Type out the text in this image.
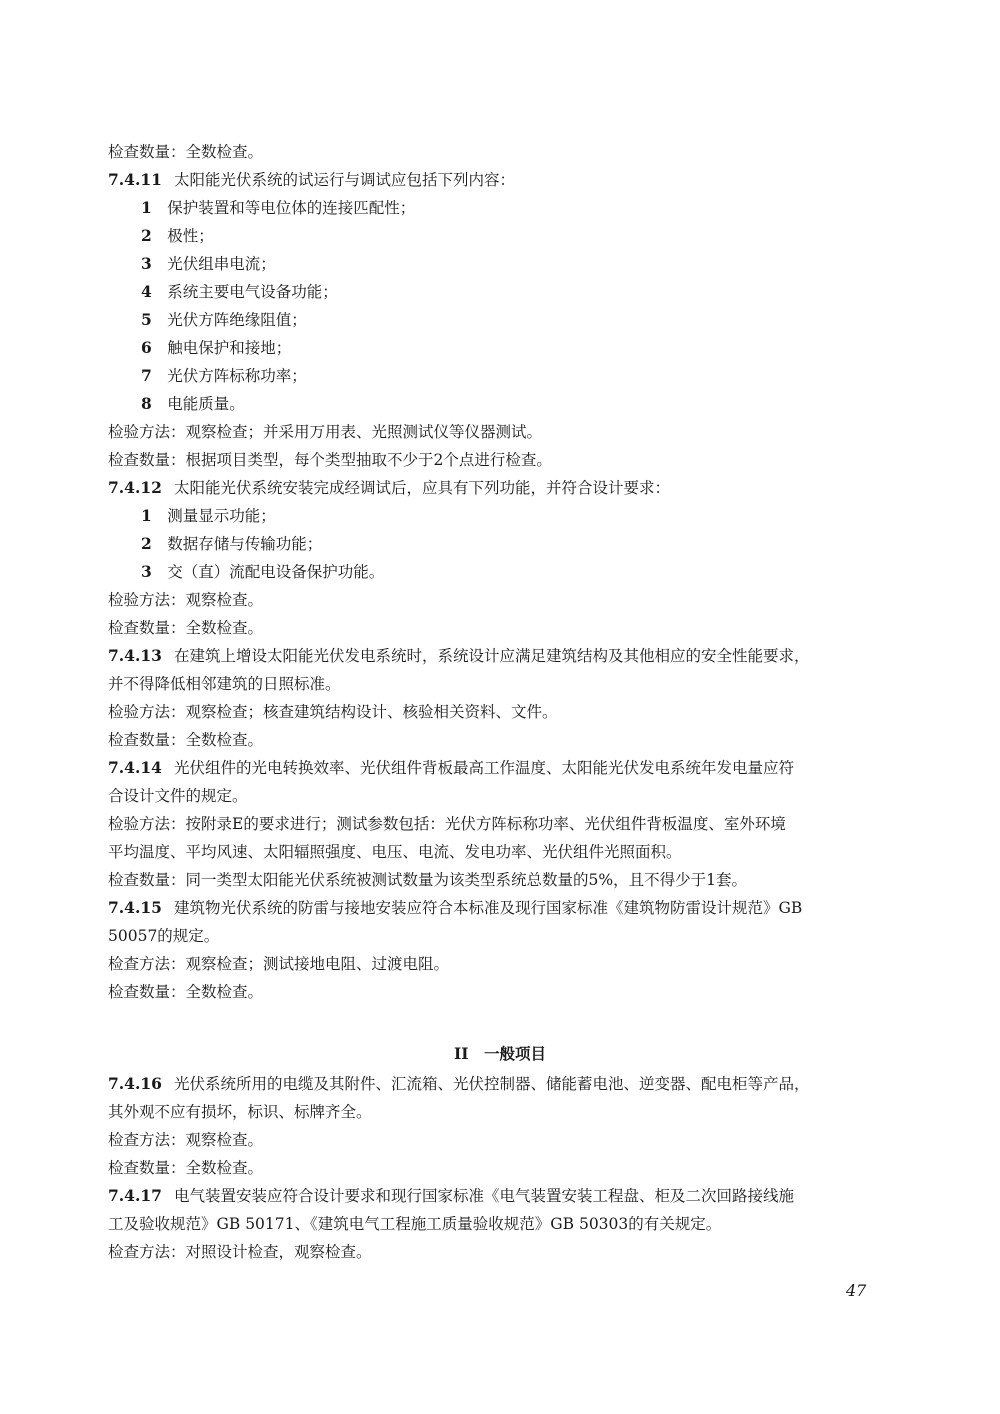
检查数量：全数检查。
7.4.11 太阳能光伏系统的试运行与调试应包括下列内容：
1  保护装置和等电位体的连接匹配性；
2  极性；
3  光伏组串电流；
4  系统主要电气设备功能；
5  光伏方阵绝缘阻值；
6  触电保护和接地；
7  光伏方阵标称功率；
8  电能质量。
检验方法：观察检查；并采用万用表、光照测试仪等仪器测试。
检查数量：根据项目类型，每个类型抽取不少于2个点进行检查。
7.4.12 太阳能光伏系统安装完成经调试后，应具有下列功能，并符合设计要求：
1  测量显示功能；
2  数据存储与传输功能；
3  交（直）流配电设备保护功能。
检验方法：观察检查。
检查数量：全数检查。
7.4.13 在建筑上增设太阳能光伏发电系统时，系统设计应满足建筑结构及其他相应的安全性能要求，
并不得降低相邻建筑的日照标准。
检验方法：观察检查；核查建筑结构设计、核验相关资料、文件。
检查数量：全数检查。
7.4.14 光伏组件的光电转换效率、光伏组件背板最高工作温度、太阳能光伏发电系统年发电量应符
合设计文件的规定。
检验方法：按附录E的要求进行；测试参数包括：光伏方阵标称功率、光伏组件背板温度、室外环境
平均温度、平均风速、太阳辐照强度、电压、电流、发电功率、光伏组件光照面积。
检查数量：同一类型太阳能光伏系统被测试数量为该类型系统总数量的5%，且不得少于1套。
7.4.15 建筑物光伏系统的防雷与接地安装应符合本标准及现行国家标准《建筑物防雷设计规范》GB
50057的规定。
检查方法：观察检查；测试接地电阻、过渡电阻。
检查数量：全数检查。
II　一般项目
7.4.16 光伏系统所用的电缆及其附件、汇流箱、光伏控制器、储能蓄电池、逆变器、配电柜等产品，
其外观不应有损坏，标识、标牌齐全。
检查方法：观察检查。
检查数量：全数检查。
7.4.17 电气装置安装应符合设计要求和现行国家标准《电气装置安装工程盘、柜及二次回路接线施
工及验收规范》GB 50171、《建筑电气工程施工质量验收规范》GB 50303的有关规定。
检查方法：对照设计检查，观察检查。
47
